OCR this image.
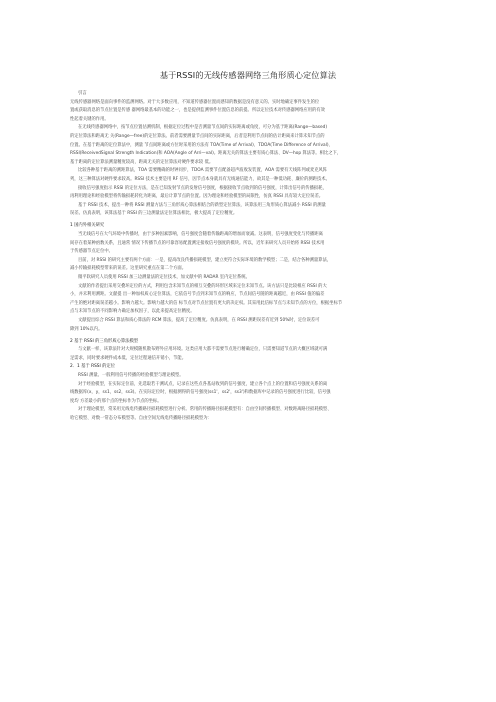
基于RSSI的无线传感器网络三角形质心定位算法
引言
无线传感器网络是面向事件的监测网络。对于大多数应用，不知道传感器位置而感知的数据是没有意义的。实时地确定事件发生的位
置或获取消息的节点位置是传感 器网络最基本的功能之一，也是提供监测事件位置信息的前提。所以定位技术对传感器网络应用的有效
性起着关键的作用。
在无线传感器网络中，按节点位置估测机制，根据定位过程中是否测量节点间的实际距离或角度，可分为基于距离(Range—based)
的定位算法和距离无 关(Range—free)的定位算法。前者需要测量节点间的实际距离，后者是利用节点间的估计距离来计算未知节点的
位置。在基于距离的定位算法中，测量 节点间距离或方位时采用的方法有 TOA(Time of Arrival)、TDOA(Time Difference of Arrival)、
RSSI(ReceivedSignal Strength Indication)和 AOA(Angle of Arri—val)。距离无关的算法主要有质心算法、DV—hop 算法等。相比之下，
基于距离的定位算法测量精度较高，距离无关的定位算法对硬件要求较 低。
比较各种基于距离的测距算法，TOA 需要精确的时钟同步，TDOA 需要节点配备超声波收发装置，AOA 需要有天线阵列或麦克风阵
列，这三种算法对硬件要求较高。RSSI 技术主要是用 RF 信号，因节点本身就具有无线通信能力，故其是一种低功耗、廉价的测距技术。
接收信号强度指示 RSSI 的定位方法，是在已知发射节点的发射信号强度，根据接收节点收到的信号强度，计算出信号的传播损耗，
再利用理论和经验模型将传输损耗转化为距离，最后计算节点的位置。因为理论和经验模型的局限性，仿真 RSSI 具有较大定位误差。
基于 RSSI 技术，提出一种将 RSSI 测量方法与三角形质心算法相结合的新型定位算法，该算法用三角形质心算法减小 RSSI 的测量
误差。仿真表明，该算法基于 RSSI 的三边测量法定位算法相比，极大提高了定位精度。
1 国内外相关研究
当无线信号在大气环境中传播时，由于多种因素影响，信号强度会随着传输距离的增加而衰减。这表明，信号强度变化与传播距离
间存在着某种函数关系，且通常 情况下传播节点的可靠容易配置测定接收信号强度的模块。所以，近年来研究人员开始将 RSSI 技术用
于传感器节点定位中。
目前，对 RSSI 的研究主要有两个方面：一是，提高改良传播损耗模型，建立更符合实际环境的数学模型；二是，结合各种测量算法，
减小传输损耗模型带来的误差。这里研究重点在第二个方面。
微平软研究人员使用 RSSI 加三边测量法的定位技术，加文献中的 RADAR 室内定位系统。
文献的作者提出采用交叠环定位的方式，利用包含未知节点的相互交叠的环形区域来定位未知节点。该方法只是比较相应 RSSI 的大
小，并未利用测距。文献提 出一种加权质心定位算法，它依信号节点到未知节点的响应，节点间信号随的距离越近，由 RSSI 值的偏差
产生的绝对距离误差越小。影响力越大。影响力越大的信 标节点对节点位置有更大的决定权。其采用此信标节点与未知节点的方位，根据坐标节
点与未知节点的不同影响力确定加权因子，以此来提高定位精度。
文献提出综合 RSSI 算法和质心算法的 RCM 算法，提高了定位精度。仿真表明，在 RSSI 测距误差有近到 50%时，定位误差可
降到 10%以内。
2 基于 RSSI 的三角形质心算法模型
与文献一样，该算法针对大规模随机散布野外应用环境。这类应用大都不需要节点进行精确定位，只需要知道节点的大概区域就可满
足需求，同时要求硬件成本低，定位过程通信开销小，节能。
2．1 基于 RSSI 的定位
RSSI 测量。一般利用信号传播的经验模型与理论模型。
对于经验模型，在实际定位前，先选取若干测试点，记录在这些点各基站收到的信号强度，建立各个点上的位置和信号强度关系的离
线数据库(x，y，ss1，ss2，ss3)。在实际定位时，根据测得的信号强度(ss1'，ss2'，ss3')和数据库中记录的信号强度进行比较，信号强
度均 方差最小的那个点的坐标作为节点的坐标。
对于理论模型，常采用无线电传播路径损耗模型进行分析。常用的传播路径损耗模型有：自由空间传播模型、对数距离路径损耗模型、
哈它模型、对数一常态分布模型等。自由空间无线电传播路径损耗模型为：
